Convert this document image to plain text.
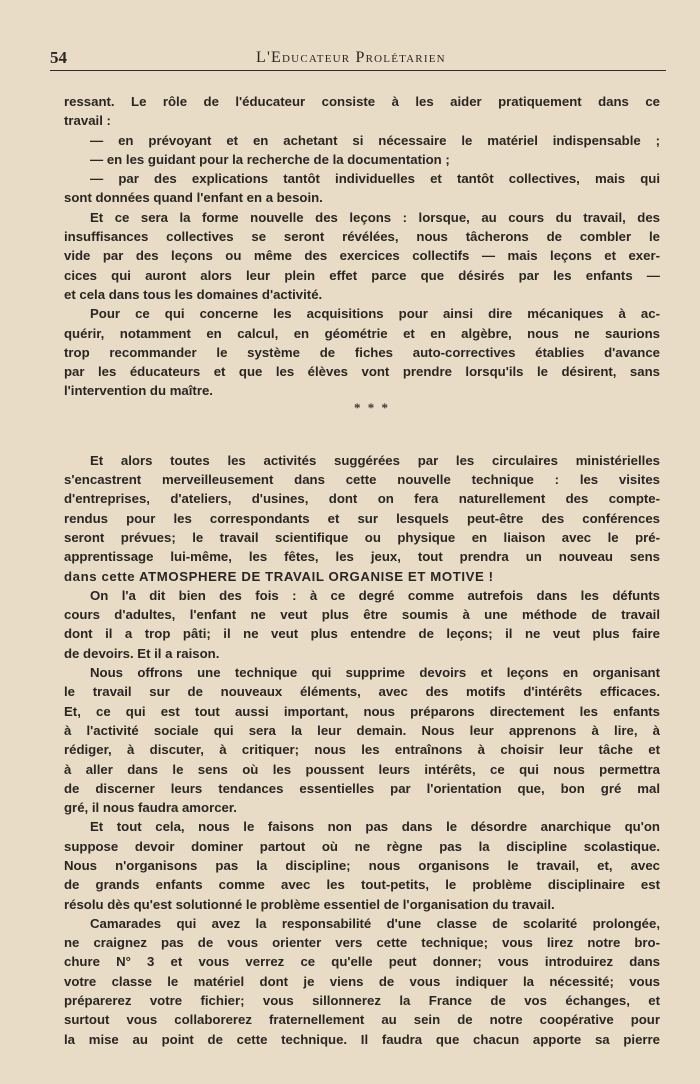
54	L'Educateur Prolétarien
ressant. Le rôle de l'éducateur consiste à les aider pratiquement dans ce
travail :
— en prévoyant et en achetant si nécessaire le matériel indispensable ;
— en les guidant pour la recherche de la documentation ;
— par des explications tantôt individuelles et tantôt collectives, mais qui
sont données quand l'enfant en a besoin.
Et ce sera la forme nouvelle des leçons : lorsque, au cours du travail, des
insuffisances collectives se seront révélées, nous tâcherons de combler le
vide par des leçons ou même des exercices collectifs — mais leçons et exer-
cices qui auront alors leur plein effet parce que désirés par les enfants —
et cela dans tous les domaines d'activité.
Pour ce qui concerne les acquisitions pour ainsi dire mécaniques à ac-
quérir, notamment en calcul, en géométrie et en algèbre, nous ne saurions
trop recommander le système de fiches auto-correctives établies d'avance
par les éducateurs et que les élèves vont prendre lorsqu'ils le désirent, sans
l'intervention du maître.
* * *
Et alors toutes les activités suggérées par les circulaires ministérielles
s'encastrent merveilleusement dans cette nouvelle technique : les visites
d'entreprises, d'ateliers, d'usines, dont on fera naturellement des compte-
rendus pour les correspondants et sur lesquels peut-être des conférences
seront prévues; le travail scientifique ou physique en liaison avec le pré-
apprentissage lui-même, les fêtes, les jeux, tout prendra un nouveau sens
dans cette ATMOSPHERE DE TRAVAIL ORGANISE ET MOTIVE !
On l'a dit bien des fois : à ce degré comme autrefois dans les défunts
cours d'adultes, l'enfant ne veut plus être soumis à une méthode de travail
dont il a trop pâti; il ne veut plus entendre de leçons; il ne veut plus faire
de devoirs. Et il a raison.
Nous offrons une technique qui supprime devoirs et leçons en organisant
le travail sur de nouveaux éléments, avec des motifs d'intérêts efficaces.
Et, ce qui est tout aussi important, nous préparons directement les enfants
à l'activité sociale qui sera la leur demain. Nous leur apprenons à lire, à
rédiger, à discuter, à critiquer; nous les entraînons à choisir leur tâche et
à aller dans le sens où les poussent leurs intérêts, ce qui nous permettra
de discerner leurs tendances essentielles par l'orientation que, bon gré mal
gré, il nous faudra amorcer.
Et tout cela, nous le faisons non pas dans le désordre anarchique qu'on
suppose devoir dominer partout où ne règne pas la discipline scolastique.
Nous n'organisons pas la discipline; nous organisons le travail, et, avec
de grands enfants comme avec les tout-petits, le problème disciplinaire est
résolu dès qu'est solutionné le problème essentiel de l'organisation du travail.
Camarades qui avez la responsabilité d'une classe de scolarité prolongée,
ne craignez pas de vous orienter vers cette technique; vous lirez notre bro-
chure N° 3 et vous verrez ce qu'elle peut donner; vous introduirez dans
votre classe le matériel dont je viens de vous indiquer la nécessité; vous
préparerez votre fichier; vous sillonnerez la France de vos échanges, et
surtout vous collaborerez fraternellement au sein de notre coopérative pour
la mise au point de cette technique. Il faudra que chacun apporte sa pierre
